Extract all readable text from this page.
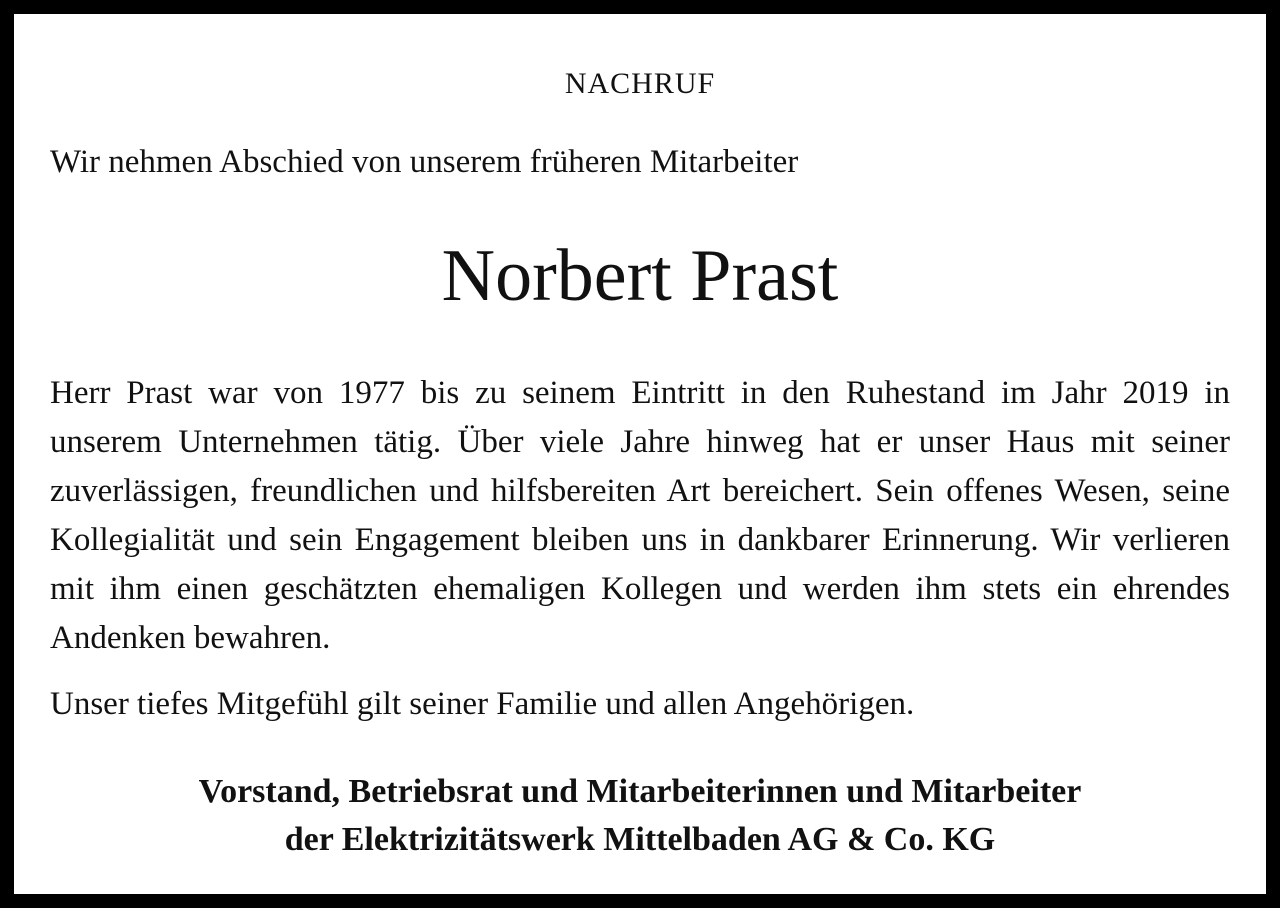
NACHRUF
Wir nehmen Abschied von unserem früheren Mitarbeiter
Norbert Prast
Herr Prast war von 1977 bis zu seinem Eintritt in den Ruhestand im Jahr 2019 in unserem Unternehmen tätig. Über viele Jahre hinweg hat er unser Haus mit seiner zuverlässigen, freundlichen und hilfsbereiten Art bereichert. Sein offenes Wesen, seine Kollegialität und sein Engagement bleiben uns in dankbarer Erinnerung. Wir verlieren mit ihm einen geschätzten ehemaligen Kollegen und werden ihm stets ein ehrendes Andenken bewahren.
Unser tiefes Mitgefühl gilt seiner Familie und allen Angehörigen.
Vorstand, Betriebsrat und Mitarbeiterinnen und Mitarbeiter
der Elektrizitätswerk Mittelbaden AG & Co. KG
